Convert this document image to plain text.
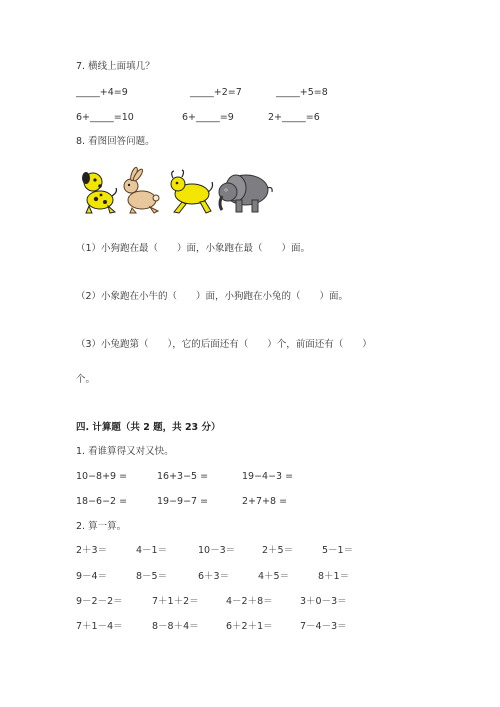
7. 横线上面填几？
_____+4=9	_____+2=7	_____+5=8
6+_____=10	6+_____=9	2+_____=6
8. 看图回答问题。
（1）小狗跑在最（　　）面，小象跑在最（　　）面。
（2）小象跑在小牛的（　　）面，小狗跑在小兔的（　　）面。
（3）小兔跑第（　　），它的后面还有（　　）个，前面还有（　　）
个。
四. 计算题（共 2 题，共 23 分）
1. 看谁算得又对又快。
10−8+9 =	16+3−5 =	19−4−3 =
18−6−2 =	19−9−7 =	2+7+8 =
2. 算一算。
2＋3＝	4－1＝	10－3＝	2＋5＝	5－1＝
9－4＝	8－5＝	6＋3＝	4＋5＝	8＋1＝
9－2－2＝	7＋1＋2＝	4－2＋8＝	3＋0－3＝
7＋1－4＝	8－8＋4＝	6＋2＋1＝	7－4－3＝
